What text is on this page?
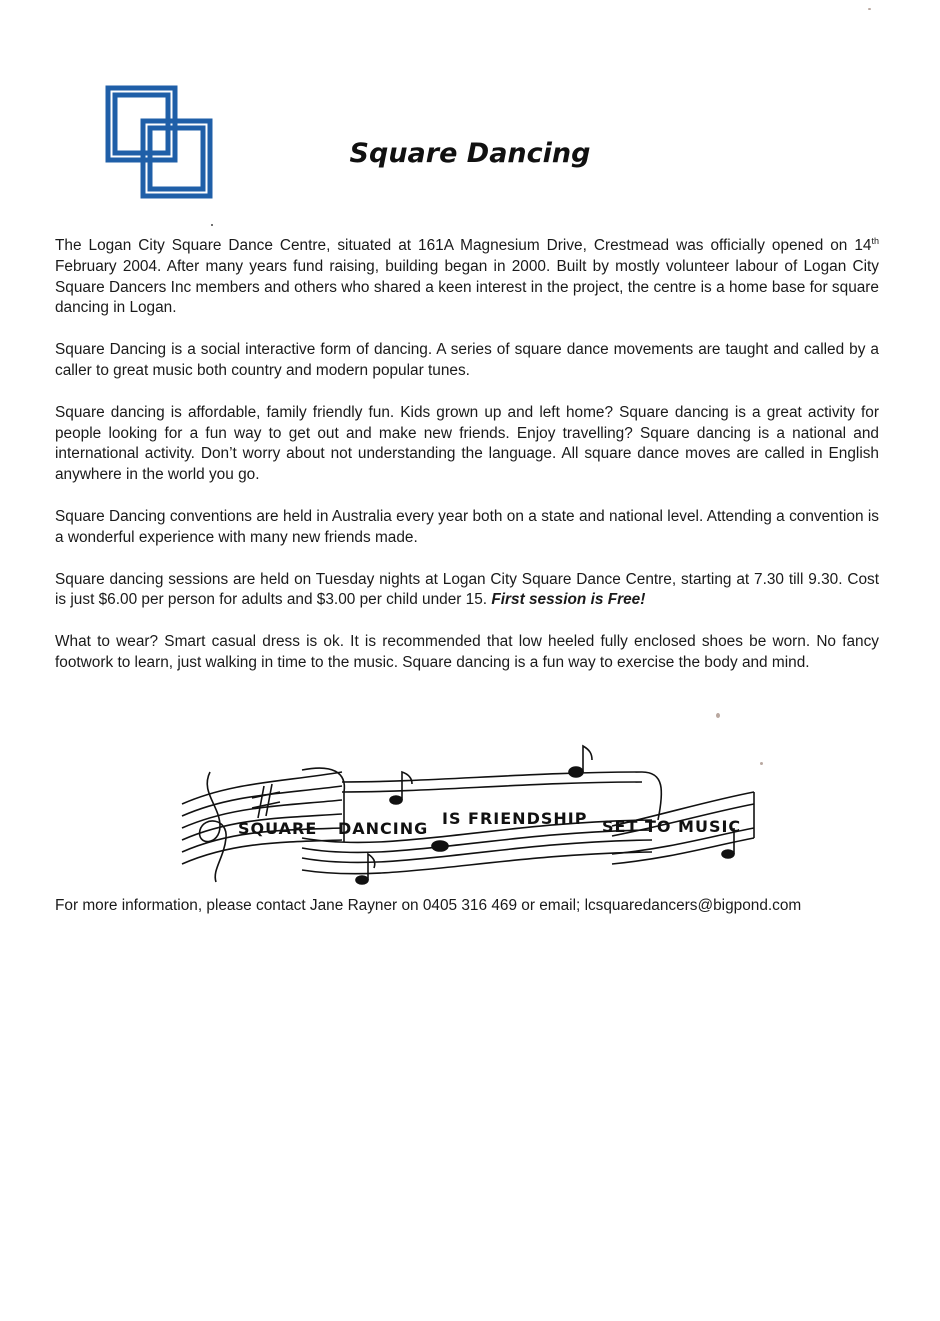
Square Dancing

The Logan City Square Dance Centre, situated at 161A Magnesium Drive, Crestmead was officially opened on 14th February 2004. After many years fund raising, building began in 2000. Built by mostly volunteer labour of Logan City Square Dancers Inc members and others who shared a keen interest in the project, the centre is a home base for square dancing in Logan.

Square Dancing is a social interactive form of dancing. A series of square dance movements are taught and called by a caller to great music both country and modern popular tunes.

Square dancing is affordable, family friendly fun. Kids grown up and left home? Square dancing is a great activity for people looking for a fun way to get out and make new friends. Enjoy travelling? Square dancing is a national and international activity. Don’t worry about not understanding the language. All square dance moves are called in English anywhere in the world you go.

Square Dancing conventions are held in Australia every year both on a state and national level. Attending a convention is a wonderful experience with many new friends made.

Square dancing sessions are held on Tuesday nights at Logan City Square Dance Centre, starting at 7.30 till 9.30. Cost is just $6.00 per person for adults and $3.00 per child under 15. First session is Free!

What to wear? Smart casual dress is ok. It is recommended that low heeled fully enclosed shoes be worn. No fancy footwork to learn, just walking in time to the music. Square dancing is a fun way to exercise the body and mind.

SQUARE DANCING
IS FRIENDSHIP SET TO MUSIC
For more information, please contact Jane Rayner on 0405 316 469 or email; lcsquaredancers@bigpond.com
